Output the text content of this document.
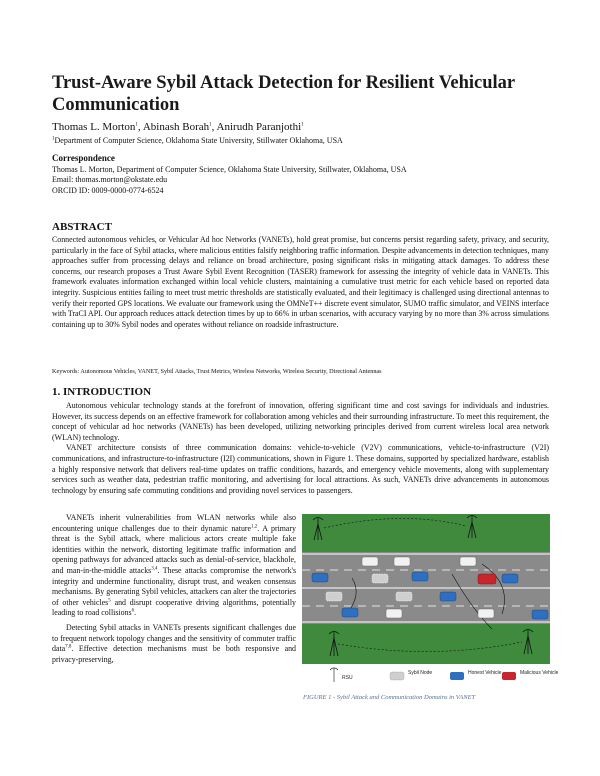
Trust-Aware Sybil Attack Detection for Resilient Vehicular Communication
Thomas L. Morton$^1$, Abinash Borah$^1$, Anirudh Paranjothi$^1$
$^1$Department of Computer Science, Oklahoma State University, Stillwater Oklahoma, USA
Correspondence
Thomas L. Morton, Department of Computer Science, Oklahoma State University, Stillwater, Oklahoma, USA
Email: thomas.morton@okstate.edu
ORCID ID: 0009-0000-0774-6524
ABSTRACT
Connected autonomous vehicles, or Vehicular Ad hoc Networks (VANETs), hold great promise, but concerns persist regarding safety, privacy, and security, particularly in the face of Sybil attacks, where malicious entities falsify neighboring traffic information. Despite advancements in detection techniques, many approaches suffer from processing delays and reliance on broad architecture, posing significant risks in mitigating attack damages. To address these concerns, our research proposes a Trust Aware Sybil Event Recognition (TASER) framework for assessing the integrity of vehicle data in VANETs. This framework evaluates information exchanged within local vehicle clusters, maintaining a cumulative trust metric for each vehicle based on reported data integrity. Suspicious entities failing to meet trust metric thresholds are statistically evaluated, and their legitimacy is challenged using directional antennas to verify their reported GPS locations. We evaluate our framework using the OMNeT++ discrete event simulator, SUMO traffic simulator, and VEINS interface with TraCI API. Our approach reduces attack detection times by up to 66% in urban scenarios, with accuracy varying by no more than 3% across simulations containing up to 30% Sybil nodes and operates without reliance on roadside infrastructure.
Keywords: Autonomous Vehicles, VANET, Sybil Attacks, Trust Metrics, Wireless Networks, Wireless Security, Directional Antennas
1. INTRODUCTION

Autonomous vehicular technology stands at the forefront of innovation, offering significant time and cost savings for individuals and industries. However, its success depends on an effective framework for collaboration among vehicles and their surrounding infrastructure. To meet this requirement, the concept of vehicular ad hoc networks (VANETs) has been developed, utilizing networking principles derived from current wireless local area network (WLAN) technology.

VANET architecture consists of three communication domains: vehicle-to-vehicle (V2V) communications, vehicle-to-infrastructure (V2I) communications, and infrastructure-to-infrastructure (I2I) communications, shown in Figure 1. These domains, supported by specialized hardware, establish a highly responsive network that delivers real-time updates on traffic conditions, hazards, and emergency vehicle movements, along with supplementary services such as weather data, pedestrian traffic monitoring, and advertising for local attractions. As such, VANETs drive advancements in autonomous technology by ensuring safe commuting conditions and providing novel services to passengers.

VANETs inherit vulnerabilities from WLAN networks while also encountering unique challenges due to their dynamic nature$^{1,2}$. A primary threat is the Sybil attack, where malicious actors create multiple fake identities within the network, distorting legitimate traffic information and opening pathways for advanced attacks such as denial-of-service, blackhole, and man-in-the-middle attacks$^{3,4}$. These attacks compromise the network's integrity and undermine functionality, disrupt trust, and weaken consensus mechanisms. By generating Sybil vehicles, attackers can alter the trajectories of other vehicles$^5$ and disrupt cooperative driving algorithms, potentially leading to road collisions$^6$.

Detecting Sybil attacks in VANETs presents significant challenges due to frequent network topology changes and the sensitivity of commuter traffic data$^{7,8}$. Effective detection mechanisms must be both responsive and privacy-preserving,

RSU
Sybil Node	Honest Vehicle	Malicious Vehicle
FIGURE 1 - Sybil Attack and Communication Domains in VANET
